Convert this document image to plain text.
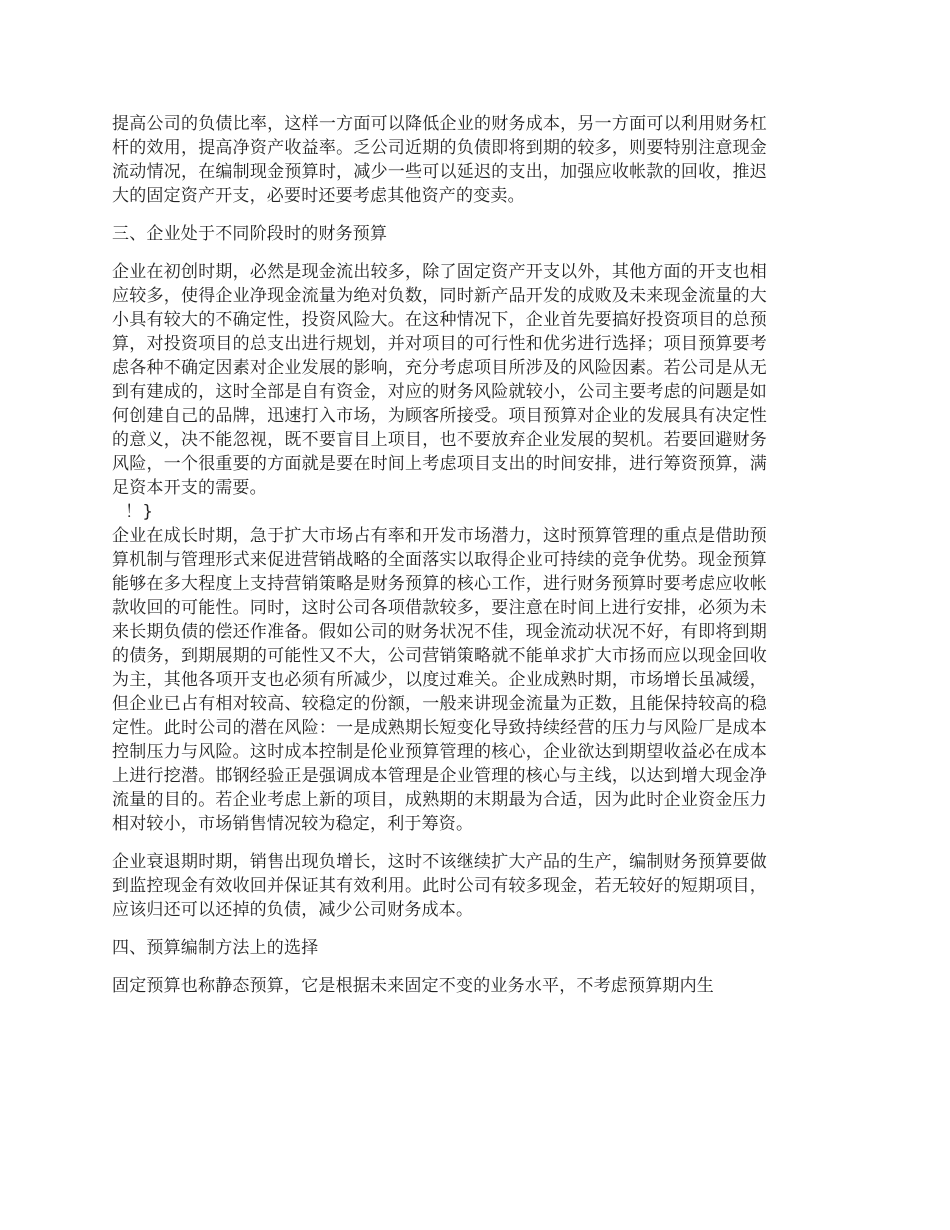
提高公司的负债比率，这样一方面可以降低企业的财务成本，另一方面可以利用财务杠杆的效用，提高净资产收益率。乏公司近期的负债即将到期的较多，则要特别注意现金流动情况，在编制现金预算时，减少一些可以延迟的支出，加强应收帐款的回收，推迟大的固定资产开支，必要时还要考虑其他资产的变卖。

三、企业处于不同阶段时的财务预算

企业在初创时期，必然是现金流出较多，除了固定资产开支以外，其他方面的开支也相应较多，使得企业净现金流量为绝对负数，同时新产品开发的成败及未来现金流量的大小具有较大的不确定性，投资风险大。在这种情况下，企业首先要搞好投资项目的总预算，对投资项目的总支出进行规划，并对项目的可行性和优劣进行选择；项目预算要考虑各种不确定因素对企业发展的影响，充分考虑项目所涉及的风险因素。若公司是从无到有建成的，这时全部是自有资金，对应的财务风险就较小，公司主要考虑的问题是如何创建自己的品牌，迅速打入市场，为顾客所接受。项目预算对企业的发展具有决定性的意义，决不能忽视，既不要盲目上项目，也不要放弃企业发展的契机。若要回避财务风险，一个很重要的方面就是要在时间上考虑项目支出的时间安排，进行筹资预算，满足资本开支的需要。

！}

企业在成长时期，急于扩大市场占有率和开发市场潜力，这时预算管理的重点是借助预算机制与管理形式来促进营销战略的全面落实以取得企业可持续的竞争优势。现金预算能够在多大程度上支持营销策略是财务预算的核心工作，进行财务预算时要考虑应收帐款收回的可能性。同时，这时公司各项借款较多，要注意在时间上进行安排，必须为未来长期负债的偿还作准备。假如公司的财务状况不佳，现金流动状况不好，有即将到期的债务，到期展期的可能性又不大，公司营销策略就不能单求扩大市扬而应以现金回收为主，其他各项开支也必须有所减少，以度过难关。企业成熟时期，市场增长虽减缓，但企业已占有相对较高、较稳定的份额，一般来讲现金流量为正数，且能保持较高的稳定性。此时公司的潜在风险：一是成熟期长短变化导致持续经营的压力与风险厂是成本控制压力与风险。这时成本控制是伦业预算管理的核心，企业欲达到期望收益必在成本上进行挖潜。邯钢经验正是强调成本管理是企业管理的核心与主线，以达到增大现金净流量的目的。若企业考虑上新的项目，成熟期的末期最为合适，因为此时企业资金压力相对较小，市场销售情况较为稳定，利于筹资。

企业衰退期时期，销售出现负增长，这时不该继续扩大产品的生产，编制财务预算要做到监控现金有效收回并保证其有效利用。此时公司有较多现金，若无较好的短期项目，应该归还可以还掉的负债，减少公司财务成本。

四、预算编制方法上的选择

固定预算也称静态预算，它是根据未来固定不变的业务水平，不考虑预算期内生
